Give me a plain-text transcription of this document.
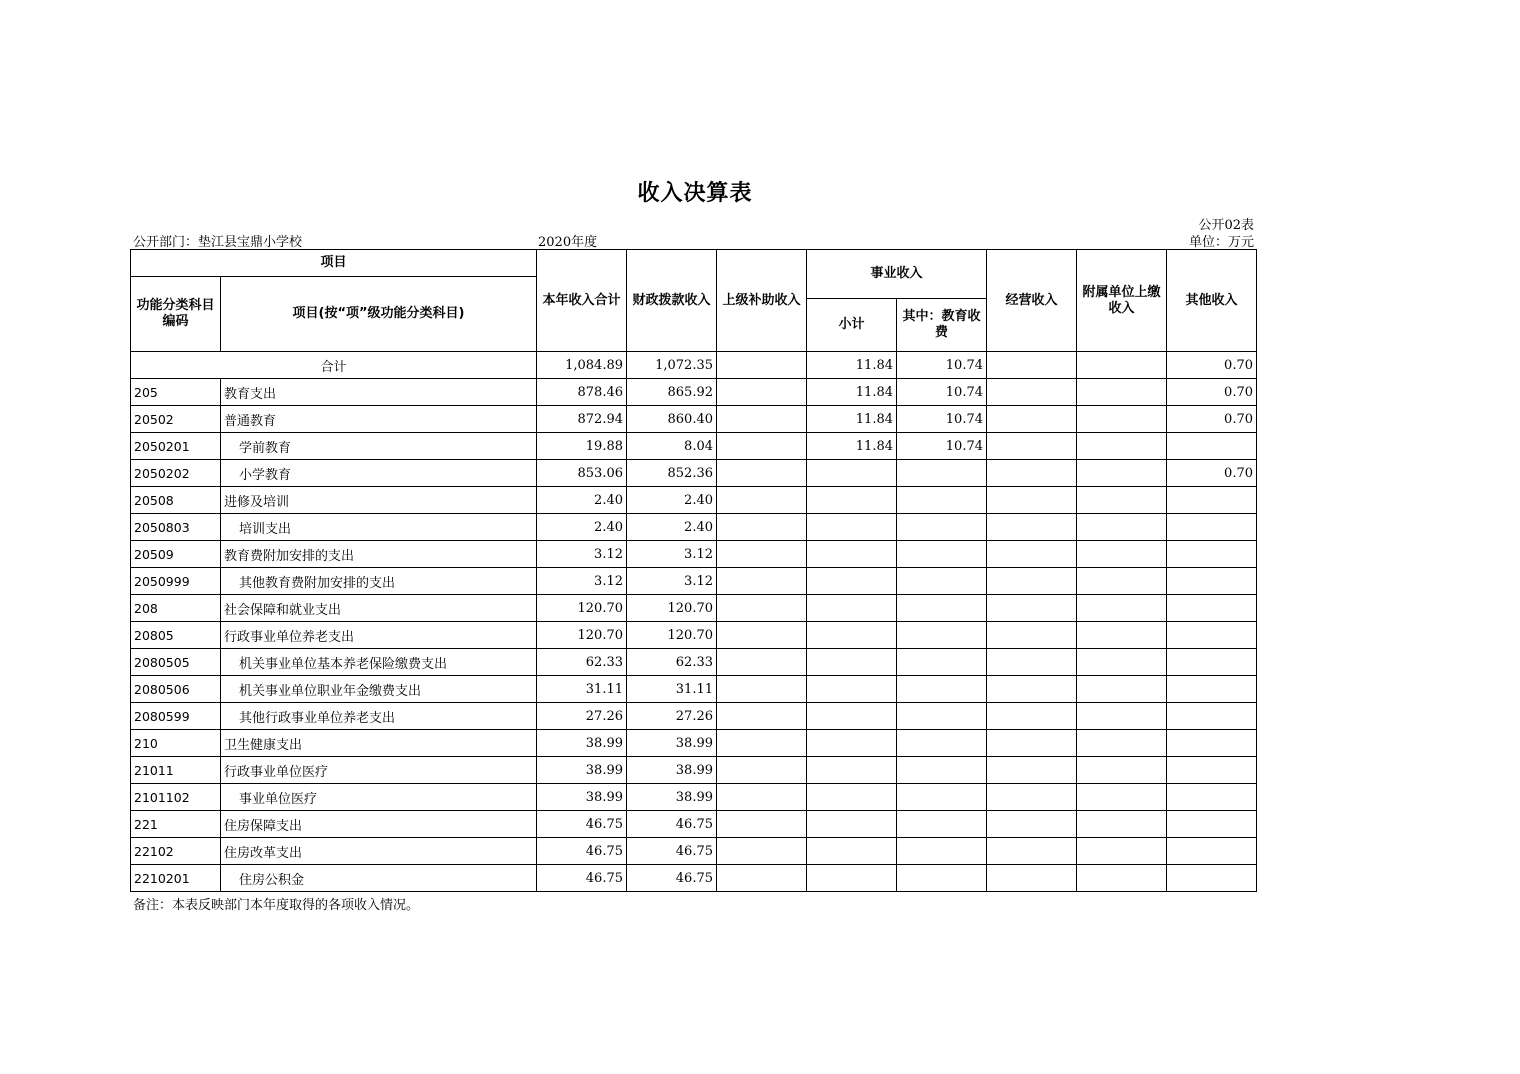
收入决算表
公开02表
公开部门：垫江县宝鼎小学校	2020年度	单位：万元
项目		本年收入合计	财政拨款收入	上级补助收入	事业收入		经营收入	附属单位上缴收入	其他收入
功能分类科目编码	项目(按“项”级功能分类科目)								
					小计	其中：教育收费			
合计		1,084.89	1,072.35		11.84	10.74			0.70
205	教育支出	878.46	865.92		11.84	10.74			0.70
20502	普通教育	872.94	860.40		11.84	10.74			0.70
2050201	学前教育	19.88	8.04		11.84	10.74			
2050202	小学教育	853.06	852.36						0.70
20508	进修及培训	2.40	2.40						
2050803	培训支出	2.40	2.40						
20509	教育费附加安排的支出	3.12	3.12						
2050999	其他教育费附加安排的支出	3.12	3.12						
208	社会保障和就业支出	120.70	120.70						
20805	行政事业单位养老支出	120.70	120.70						
2080505	机关事业单位基本养老保险缴费支出	62.33	62.33						
2080506	机关事业单位职业年金缴费支出	31.11	31.11						
2080599	其他行政事业单位养老支出	27.26	27.26						
210	卫生健康支出	38.99	38.99						
21011	行政事业单位医疗	38.99	38.99						
2101102	事业单位医疗	38.99	38.99						
221	住房保障支出	46.75	46.75						
22102	住房改革支出	46.75	46.75						
2210201	住房公积金	46.75	46.75						
备注：本表反映部门本年度取得的各项收入情况。
